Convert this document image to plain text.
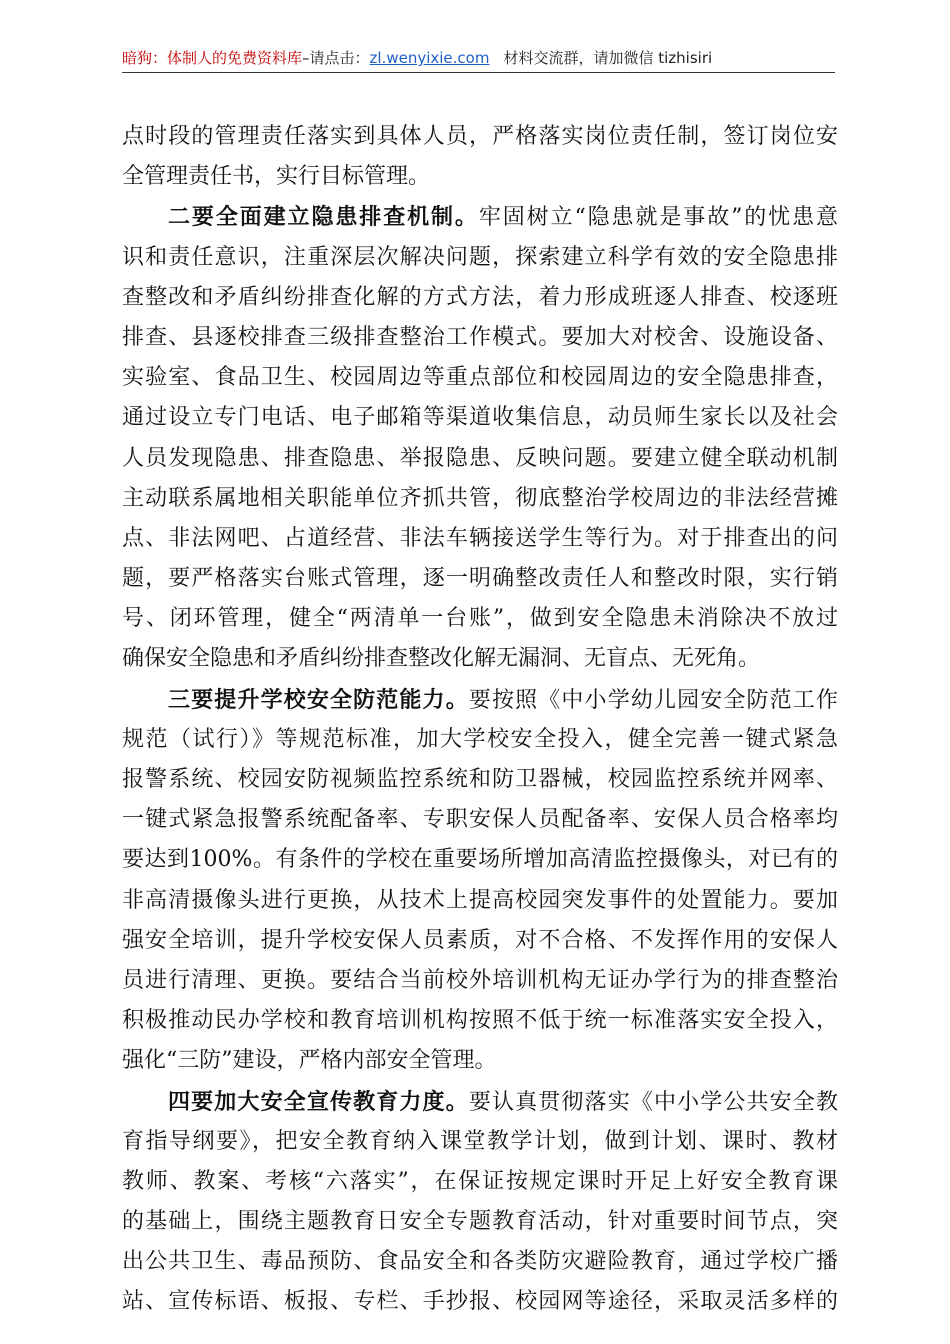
暗狗：体制人的免费资料库–请点击：zl.wenyixie.com 材料交流群，请加微信 tizhisiri
点时段的管理责任落实到具体人员，严格落实岗位责任制，签订岗位安
全管理责任书，实行目标管理。
二要全面建立隐患排查机制。牢固树立“隐患就是事故”的忧患意
识和责任意识，注重深层次解决问题，探索建立科学有效的安全隐患排
查整改和矛盾纠纷排查化解的方式方法，着力形成班逐人排查、校逐班
排查、县逐校排查三级排查整治工作模式。要加大对校舍、设施设备、
实验室、食品卫生、校园周边等重点部位和校园周边的安全隐患排查，
通过设立专门电话、电子邮箱等渠道收集信息，动员师生家长以及社会
人员发现隐患、排查隐患、举报隐患、反映问题。要建立健全联动机制
主动联系属地相关职能单位齐抓共管，彻底整治学校周边的非法经营摊
点、非法网吧、占道经营、非法车辆接送学生等行为。对于排查出的问
题，要严格落实台账式管理，逐一明确整改责任人和整改时限，实行销
号、闭环管理，健全“两清单一台账”，做到安全隐患未消除决不放过
确保安全隐患和矛盾纠纷排查整改化解无漏洞、无盲点、无死角。
三要提升学校安全防范能力。要按照《中小学幼儿园安全防范工作
规范（试行）》等规范标准，加大学校安全投入，健全完善一键式紧急
报警系统、校园安防视频监控系统和防卫器械，校园监控系统并网率、
一键式紧急报警系统配备率、专职安保人员配备率、安保人员合格率均
要达到100%。有条件的学校在重要场所增加高清监控摄像头，对已有的
非高清摄像头进行更换，从技术上提高校园突发事件的处置能力。要加
强安全培训，提升学校安保人员素质，对不合格、不发挥作用的安保人
员进行清理、更换。要结合当前校外培训机构无证办学行为的排查整治
积极推动民办学校和教育培训机构按照不低于统一标准落实安全投入，
强化“三防”建设，严格内部安全管理。
四要加大安全宣传教育力度。要认真贯彻落实《中小学公共安全教
育指导纲要》，把安全教育纳入课堂教学计划，做到计划、课时、教材
教师、教案、考核“六落实”，在保证按规定课时开足上好安全教育课
的基础上，围绕主题教育日安全专题教育活动，针对重要时间节点，突
出公共卫生、毒品预防、食品安全和各类防灾避险教育，通过学校广播
站、宣传标语、板报、专栏、手抄报、校园网等途径，采取灵活多样的
